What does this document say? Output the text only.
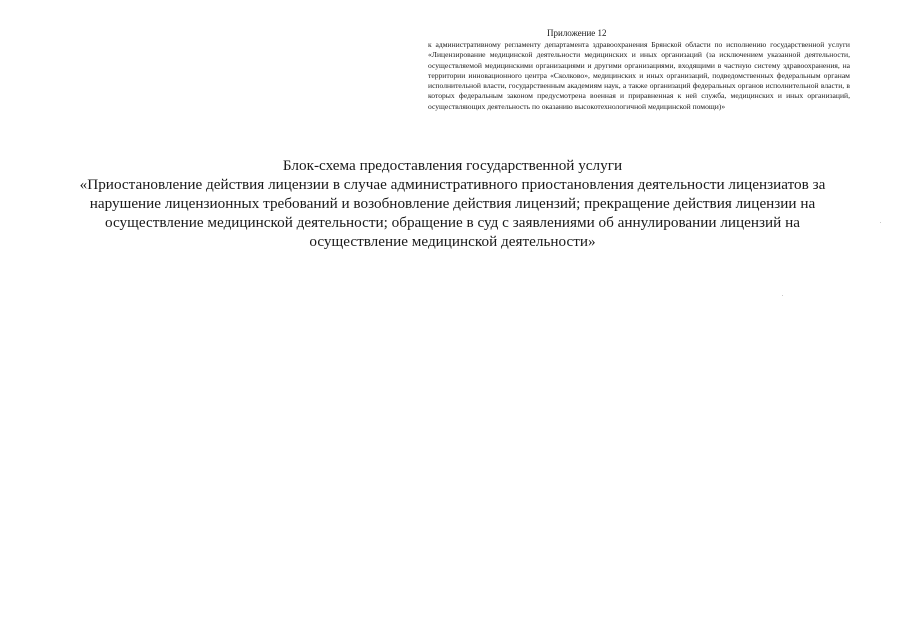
Приложение 12

к административному регламенту департамента здравоохранения Брянской области по исполнению государственной услуги «Лицензирование медицинской деятельности медицинских и иных организаций (за исключением указанной деятельности, осуществляемой медицинскими организациями и другими организациями, входящими в частную систему здравоохранения, на территории инновационного центра «Сколково», медицинских и иных организаций, подведомственных федеральным органам исполнительной власти, государственным академиям наук, а также организаций федеральных органов исполнительной власти, в которых федеральным законом предусмотрена военная и приравненная к ней служба, медицинских и иных организаций, осуществляющих деятельность по оказанию высокотехнологичной медицинской помощи)»

Блок-схема предоставления государственной услуги
«Приостановление действия лицензии в случае административного приостановления деятельности лицензиатов за
нарушение лицензионных требований и возобновление действия лицензий; прекращение действия лицензии на
осуществление медицинской деятельности; обращение в суд с заявлениями об аннулировании лицензий на
осуществление медицинской деятельности»
